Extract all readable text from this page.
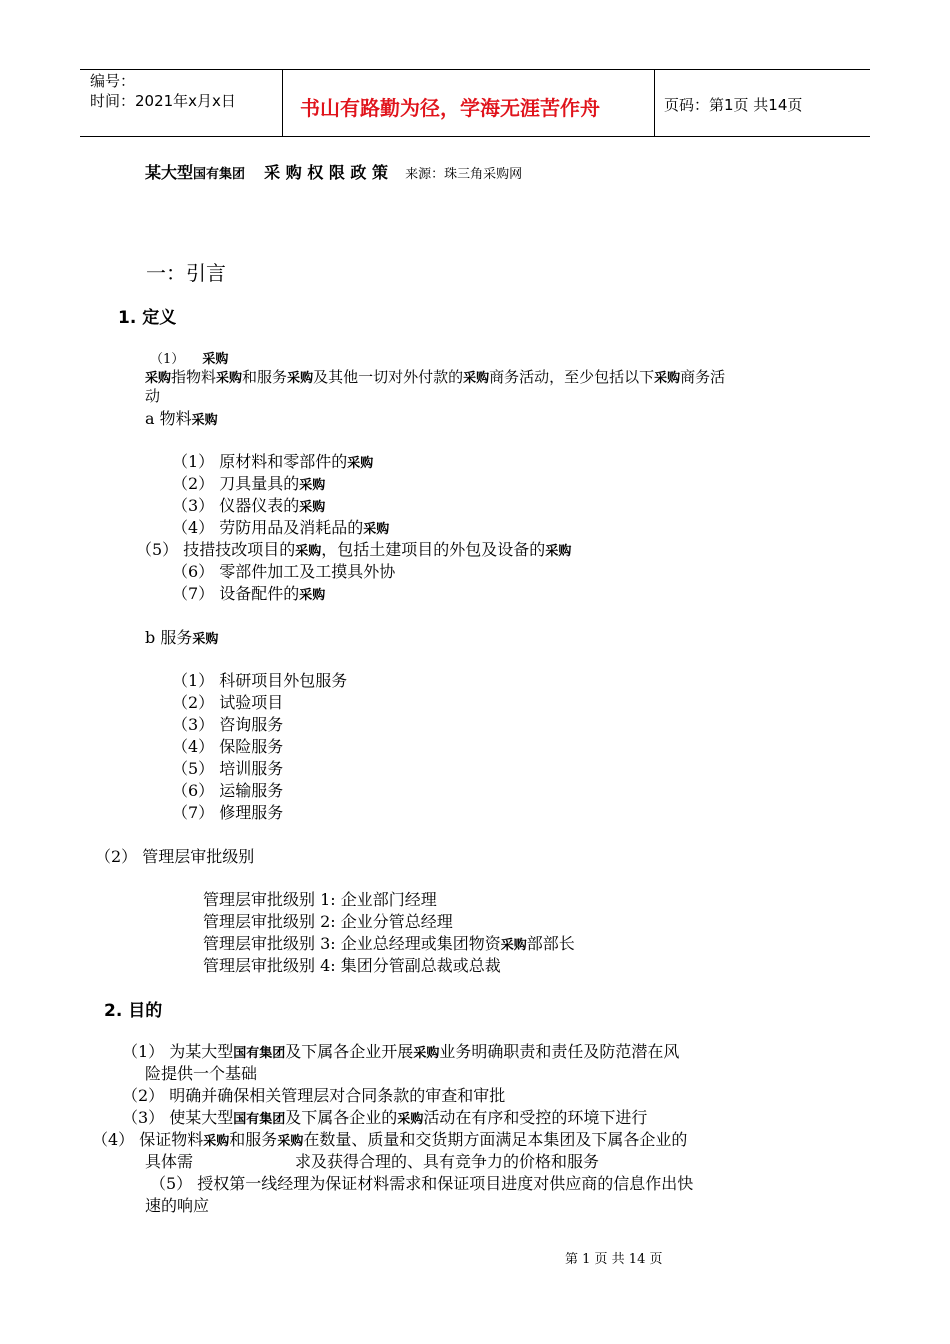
编号：
时间：2021年x月x日	书山有路勤为径，学海无涯苦作舟	页码：第1页 共14页
某大型国有集团 采 购 权 限 政 策 来源：珠三角采购网
一：引言
1. 定义
（1） 采购
采购指物料采购和服务采购及其他一切对外付款的采购商务活动，至少包括以下采购商务活
动
a 物料采购
（1） 原材料和零部件的采购
（2） 刀具量具的采购
（3） 仪器仪表的采购
（4） 劳防用品及消耗品的采购
（5） 技措技改项目的采购，包括土建项目的外包及设备的采购
（6） 零部件加工及工摸具外协
（7） 设备配件的采购
b 服务采购
（1） 科研项目外包服务
（2） 试验项目
（3） 咨询服务
（4） 保险服务
（5） 培训服务
（6） 运输服务
（7） 修理服务
（2） 管理层审批级别
管理层审批级别 1: 企业部门经理
管理层审批级别 2: 企业分管总经理
管理层审批级别 3: 企业总经理或集团物资采购部部长
管理层审批级别 4: 集团分管副总裁或总裁
2. 目的
（1） 为某大型国有集团及下属各企业开展采购业务明确职责和责任及防范潜在风
险提供一个基础
（2） 明确并确保相关管理层对合同条款的审查和审批
（3） 使某大型国有集团及下属各企业的采购活动在有序和受控的环境下进行
（4） 保证物料采购和服务采购在数量、质量和交货期方面满足本集团及下属各企业的
具体需	求及获得合理的、具有竞争力的价格和服务
（5） 授权第一线经理为保证材料需求和保证项目进度对供应商的信息作出快
速的响应
第 1 页 共 14 页
